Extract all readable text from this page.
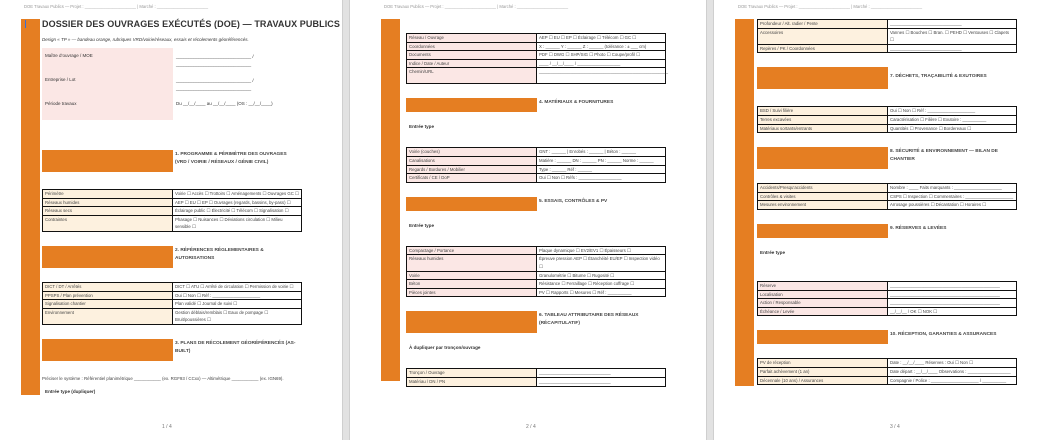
DOE Travaux Publics — Projet : ______________________ | Marché : ______________________
DOSSIER DES OUVRAGES EXÉCUTÉS (DOE) — TRAVAUX PUBLICS
Design « TP » — bandeau orange, rubriques VRD/voirie/réseaux, essais et récolements géoréférencés.
Maître d’ouvrage / MOE	______________________________ / ______________________________
Entreprise / Lot	______________________________ / ______________________________
Période travaux	Du __/__/____ au __/__/____ (OS : __/__/____)
1. PROGRAMME & PÉRIMÈTRE DES OUVRAGES (VRD / VOIRIE / RÉSEAUX / GÉNIE CIVIL)
Périmètre	Voirie ☐ Accès ☐ Trottoirs ☐ Aménagements ☐ Ouvrages GC ☐
Réseaux humides	AEP ☐ EU ☐ EP ☐ Ouvrages (regards, bassins, by-pass) ☐
Réseaux secs	Éclairage public ☐ Électricité ☐ Télécom ☐ Signalisation ☐
Contraintes	Phasage ☐ Nuisances ☐ Déviations circulation ☐ Milieu sensible ☐
2. RÉFÉRENCES RÉGLEMENTAIRES & AUTORISATIONS
DICT / DT / Arrêtés	DICT ☐ ATU ☐ Arrêté de circulation ☐ Permission de voirie ☐
PPSPS / Plan prévention	Oui ☐ Non ☐ Réf : ____________________
Signalisation chantier	Plan validé ☐ Journal de suivi ☐
Environnement	Gestion déblais/remblais ☐ Eaux de pompage ☐ Bruit/poussières ☐
3. PLANS DE RÉCOLEMENT GÉORÉFÉRENCÉS (AS-BUILT)
Préciser le système : Référentiel planimétrique ___________ (ex. RGF93 / CCxx) — Altimétrique ___________ (ex. IGN69).
Entrée type (dupliquer)
1 / 4
DOE Travaux Publics — Projet : ______________________ | Marché : ______________________
Réseau / Ouvrage	AEP ☐ EU ☐ EP ☐ Éclairage ☐ Télécom ☐ GC ☐
Coordonnées	X : ______ Y : ______ Z : ______ (tolérance : ± ___ cm)
Documents	PDF ☐ DWG ☐ SHP/SIG ☐ Photo ☐ Coupe/profil ☐
Indice / Date / Auteur	____ / __/__/____ / __________________
Chemin/URL	______________________________________________________
4. MATÉRIAUX & FOURNITURES
Entrée type
Voirie (couches)	GNT : ______ | Enrobés : ______ | Béton : ______
Canalisations	Matière : ______ DN : ______ PN : ______ Norme : ______
Regards / Bordures / Mobilier	Type : ______ Réf : ______
Certificats / CE / DoP	Oui ☐ Non ☐ Réfs : __________________
5. ESSAIS, CONTRÔLES & PV
Entrée type
Compactage / Portance	Plaque dynamique ☐ EV2/EV1 ☐ Épaisseurs ☐
Réseaux humides	Épreuve pression AEP ☐ Étanchéité EU/EP ☐ Inspection vidéo ☐
Voirie	Granulométrie ☐ Bitume ☐ Rugosité ☐
Béton	Résistance ☐ Ferraillage ☐ Réception coffrage ☐
Pièces jointes	PV ☐ Rapports ☐ Mesures ☐ Réf : __________
6. TABLEAU ATTRIBUTAIRE DES RÉSEAUX (RÉCAPITULATIF)
À dupliquer par tronçon/ouvrage
Tronçon / Ouvrage	______________________________
Matériau / DN / PN	______________________________
2 / 4
DOE Travaux Publics — Projet : ______________________ | Marché : ______________________
Profondeur / Alt. radier / Pente	______________________________
Accessoires	Vannes ☐ Bouches ☐ Bran. ☐ PEHD ☐ Ventouses ☐ Clapets ☐
Repères / PK / Coordonnées	______________________________
7. DÉCHETS, TRAÇABILITÉ & EXUTOIRES
BSD / Suivi filière	Oui ☐ Non ☐ Réf : ____________________
Terres excavées	Caractérisation ☐ Filière ☐ Exutoire : __________
Matériaux sortants/entrants	Quantités ☐ Provenance ☐ Bordereaux ☐
8. SÉCURITÉ & ENVIRONNEMENT — BILAN DE CHANTIER
Accidents/Presqu’accidents	Nombre : ____ Faits marquants : ____________________
Contrôles & visites	CSPS ☐ Inspection ☐ Commentaires : ____________________
Mesures environnement	Arrosage poussières ☐ Décantation ☐ Horaires ☐
9. RÉSERVES & LEVÉES
Entrée type
Réserve	______________________________________________
Localisation	______________________________________________
Action / Responsable	______________________________________________
Échéance / Levée	__/__/__ / OK ☐ NOK ☐
10. RÉCEPTION, GARANTIES & ASSURANCES
PV de réception	Date : __/__/____ Réserves : Oui ☐ Non ☐
Parfait achèvement (1 an)	Date départ : __/__/____ Observations : __________________
Décennale (10 ans) / Assurances	Compagnie / Police : ____________________ / __________
3 / 4
